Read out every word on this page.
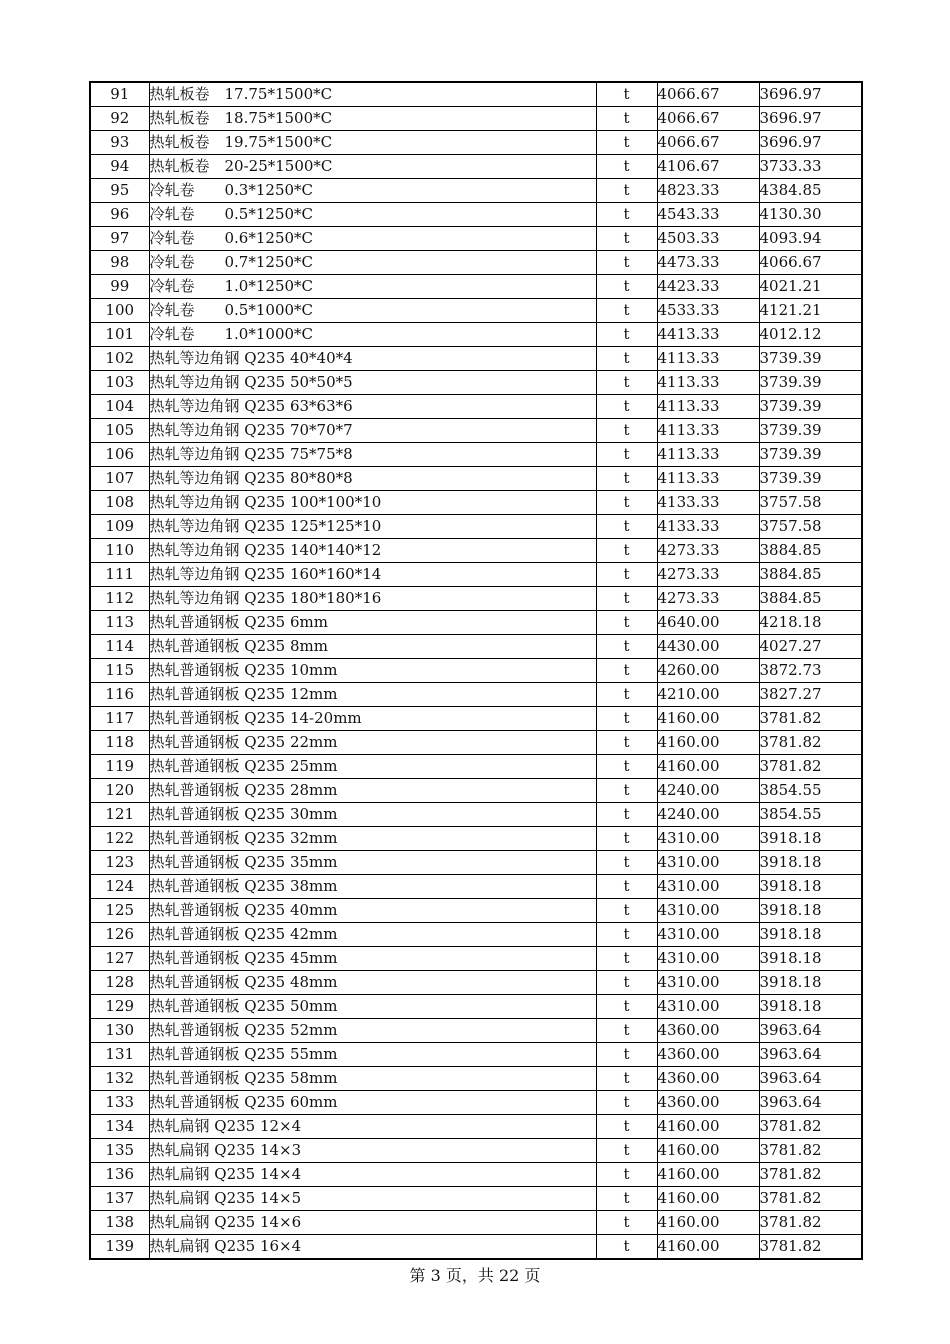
91	热轧板卷　17.75*1500*C	t	4066.67	3696.97
92	热轧板卷　18.75*1500*C	t	4066.67	3696.97
93	热轧板卷　19.75*1500*C	t	4066.67	3696.97
94	热轧板卷　20-25*1500*C	t	4106.67	3733.33
95	冷轧卷　　0.3*1250*C	t	4823.33	4384.85
96	冷轧卷　　0.5*1250*C	t	4543.33	4130.30
97	冷轧卷　　0.6*1250*C	t	4503.33	4093.94
98	冷轧卷　　0.7*1250*C	t	4473.33	4066.67
99	冷轧卷　　1.0*1250*C	t	4423.33	4021.21
100	冷轧卷　　0.5*1000*C	t	4533.33	4121.21
101	冷轧卷　　1.0*1000*C	t	4413.33	4012.12
102	热轧等边角钢 Q235 40*40*4	t	4113.33	3739.39
103	热轧等边角钢 Q235 50*50*5	t	4113.33	3739.39
104	热轧等边角钢 Q235 63*63*6	t	4113.33	3739.39
105	热轧等边角钢 Q235 70*70*7	t	4113.33	3739.39
106	热轧等边角钢 Q235 75*75*8	t	4113.33	3739.39
107	热轧等边角钢 Q235 80*80*8	t	4113.33	3739.39
108	热轧等边角钢 Q235 100*100*10	t	4133.33	3757.58
109	热轧等边角钢 Q235 125*125*10	t	4133.33	3757.58
110	热轧等边角钢 Q235 140*140*12	t	4273.33	3884.85
111	热轧等边角钢 Q235 160*160*14	t	4273.33	3884.85
112	热轧等边角钢 Q235 180*180*16	t	4273.33	3884.85
113	热轧普通钢板 Q235 6mm	t	4640.00	4218.18
114	热轧普通钢板 Q235 8mm	t	4430.00	4027.27
115	热轧普通钢板 Q235 10mm	t	4260.00	3872.73
116	热轧普通钢板 Q235 12mm	t	4210.00	3827.27
117	热轧普通钢板 Q235 14-20mm	t	4160.00	3781.82
118	热轧普通钢板 Q235 22mm	t	4160.00	3781.82
119	热轧普通钢板 Q235 25mm	t	4160.00	3781.82
120	热轧普通钢板 Q235 28mm	t	4240.00	3854.55
121	热轧普通钢板 Q235 30mm	t	4240.00	3854.55
122	热轧普通钢板 Q235 32mm	t	4310.00	3918.18
123	热轧普通钢板 Q235 35mm	t	4310.00	3918.18
124	热轧普通钢板 Q235 38mm	t	4310.00	3918.18
125	热轧普通钢板 Q235 40mm	t	4310.00	3918.18
126	热轧普通钢板 Q235 42mm	t	4310.00	3918.18
127	热轧普通钢板 Q235 45mm	t	4310.00	3918.18
128	热轧普通钢板 Q235 48mm	t	4310.00	3918.18
129	热轧普通钢板 Q235 50mm	t	4310.00	3918.18
130	热轧普通钢板 Q235 52mm	t	4360.00	3963.64
131	热轧普通钢板 Q235 55mm	t	4360.00	3963.64
132	热轧普通钢板 Q235 58mm	t	4360.00	3963.64
133	热轧普通钢板 Q235 60mm	t	4360.00	3963.64
134	热轧扁钢 Q235 12×4	t	4160.00	3781.82
135	热轧扁钢 Q235 14×3	t	4160.00	3781.82
136	热轧扁钢 Q235 14×4	t	4160.00	3781.82
137	热轧扁钢 Q235 14×5	t	4160.00	3781.82
138	热轧扁钢 Q235 14×6	t	4160.00	3781.82
139	热轧扁钢 Q235 16×4	t	4160.00	3781.82
第 3 页，共 22 页
